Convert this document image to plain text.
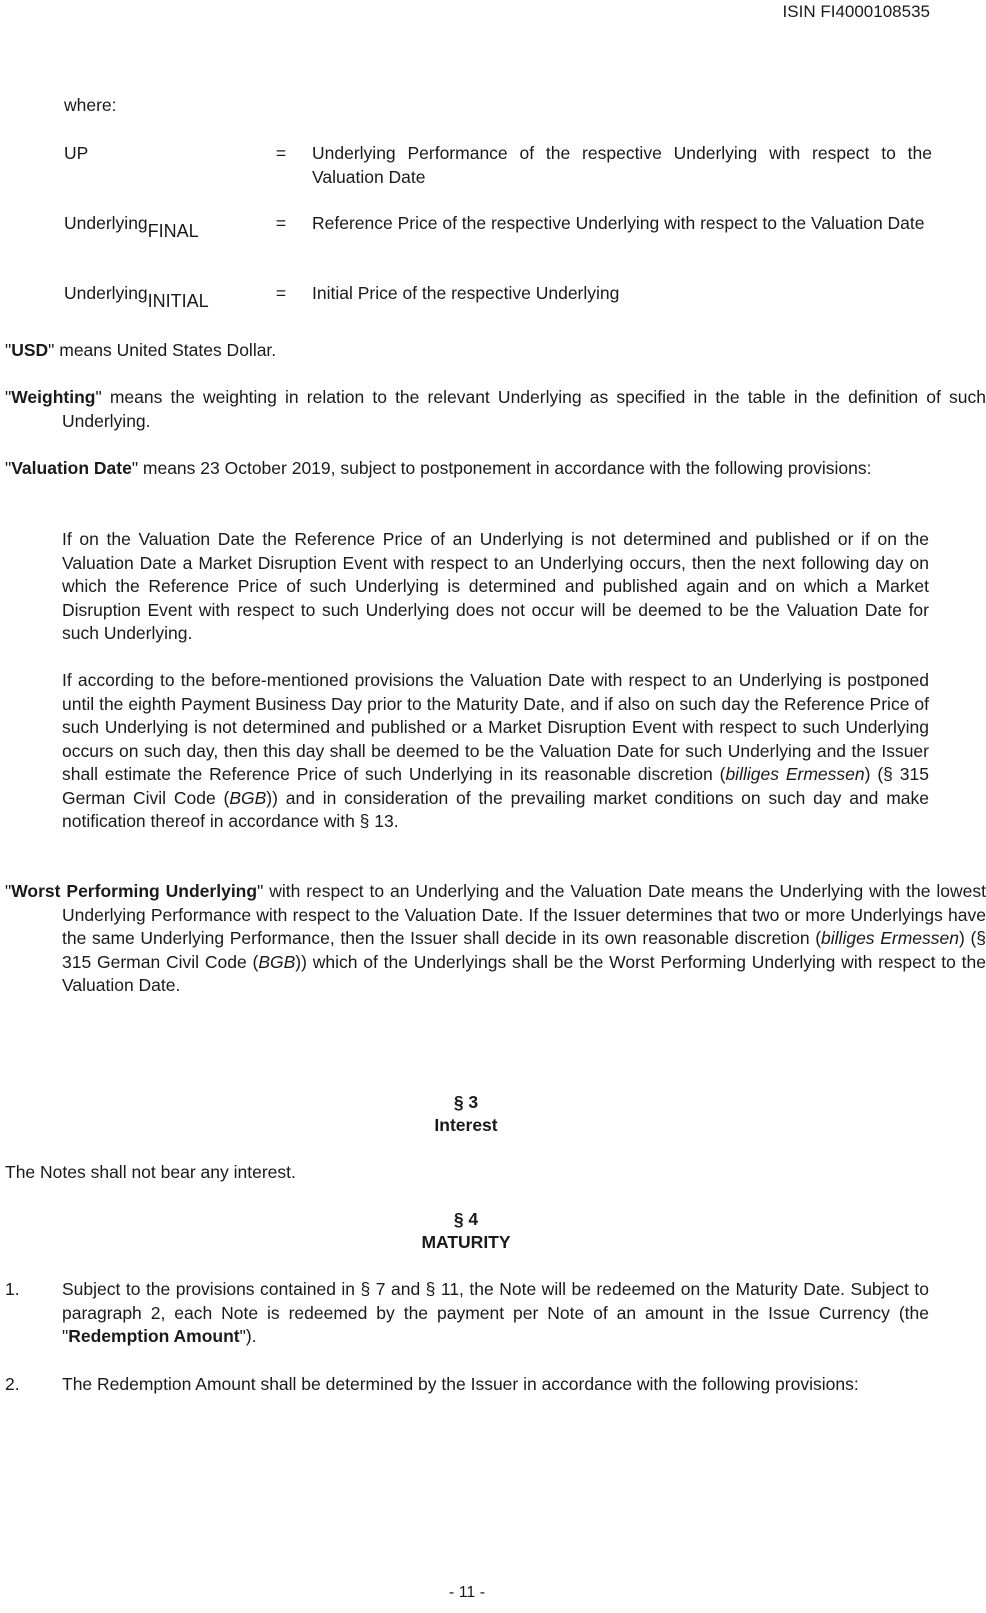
ISIN FI4000108535
where:
UP	=	Underlying Performance of the respective Underlying with respect to the Valuation Date
UnderlyingFINAL	=	Reference Price of the respective Underlying with respect to the Valuation Date
UnderlyingINITIAL	=	Initial Price of the respective Underlying
"USD" means United States Dollar.
"Weighting" means the weighting in relation to the relevant Underlying as specified in the table in the definition of such Underlying.
"Valuation Date" means 23 October 2019, subject to postponement in accordance with the following provisions:
If on the Valuation Date the Reference Price of an Underlying is not determined and published or if on the Valuation Date a Market Disruption Event with respect to an Underlying occurs, then the next following day on which the Reference Price of such Underlying is determined and published again and on which a Market Disruption Event with respect to such Underlying does not occur will be deemed to be the Valuation Date for such Underlying.
If according to the before-mentioned provisions the Valuation Date with respect to an Underlying is postponed until the eighth Payment Business Day prior to the Maturity Date, and if also on such day the Reference Price of such Underlying is not determined and published or a Market Disruption Event with respect to such Underlying occurs on such day, then this day shall be deemed to be the Valuation Date for such Underlying and the Issuer shall estimate the Reference Price of such Underlying in its reasonable discretion (billiges Ermessen) (§ 315 German Civil Code (BGB)) and in consideration of the prevailing market conditions on such day and make notification thereof in accordance with § 13.
"Worst Performing Underlying" with respect to an Underlying and the Valuation Date means the Underlying with the lowest Underlying Performance with respect to the Valuation Date. If the Issuer determines that two or more Underlyings have the same Underlying Performance, then the Issuer shall decide in its own reasonable discretion (billiges Ermessen) (§ 315 German Civil Code (BGB)) which of the Underlyings shall be the Worst Performing Underlying with respect to the Valuation Date.
§ 3
Interest
The Notes shall not bear any interest.
§ 4
MATURITY
1. Subject to the provisions contained in § 7 and § 11, the Note will be redeemed on the Maturity Date. Subject to paragraph 2, each Note is redeemed by the payment per Note of an amount in the Issue Currency (the "Redemption Amount").
2. The Redemption Amount shall be determined by the Issuer in accordance with the following provisions:
- 11 -
